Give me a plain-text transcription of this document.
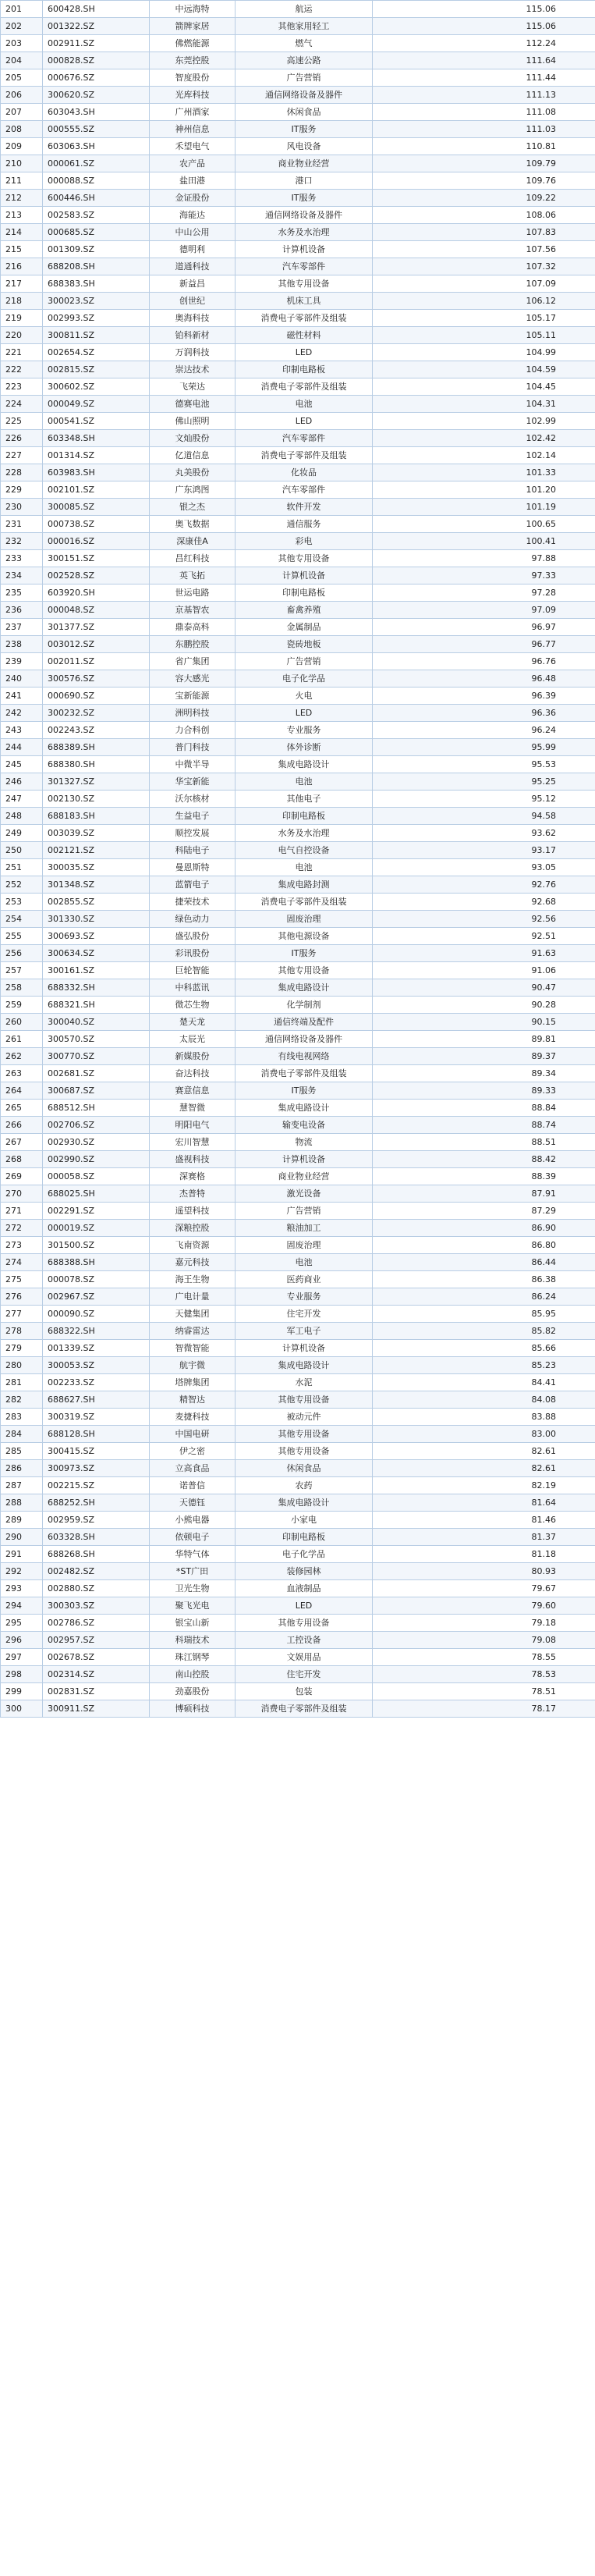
201	600428.SH	中远海特	航运	115.06
202	001322.SZ	箭牌家居	其他家用轻工	115.06
203	002911.SZ	佛燃能源	燃气	112.24
204	000828.SZ	东莞控股	高速公路	111.64
205	000676.SZ	智度股份	广告营销	111.44
206	300620.SZ	光库科技	通信网络设备及器件	111.13
207	603043.SH	广州酒家	休闲食品	111.08
208	000555.SZ	神州信息	IT服务	111.03
209	603063.SH	禾望电气	风电设备	110.81
210	000061.SZ	农产品	商业物业经营	109.79
211	000088.SZ	盐田港	港口	109.76
212	600446.SH	金证股份	IT服务	109.22
213	002583.SZ	海能达	通信网络设备及器件	108.06
214	000685.SZ	中山公用	水务及水治理	107.83
215	001309.SZ	德明利	计算机设备	107.56
216	688208.SH	道通科技	汽车零部件	107.32
217	688383.SH	新益昌	其他专用设备	107.09
218	300023.SZ	创世纪	机床工具	106.12
219	002993.SZ	奥海科技	消费电子零部件及组装	105.17
220	300811.SZ	铂科新材	磁性材料	105.11
221	002654.SZ	万润科技	LED	104.99
222	002815.SZ	崇达技术	印制电路板	104.59
223	300602.SZ	飞荣达	消费电子零部件及组装	104.45
224	000049.SZ	德赛电池	电池	104.31
225	000541.SZ	佛山照明	LED	102.99
226	603348.SH	文灿股份	汽车零部件	102.42
227	001314.SZ	亿道信息	消费电子零部件及组装	102.14
228	603983.SH	丸美股份	化妆品	101.33
229	002101.SZ	广东鸿图	汽车零部件	101.20
230	300085.SZ	银之杰	软件开发	101.19
231	000738.SZ	奥飞数据	通信服务	100.65
232	000016.SZ	深康佳A	彩电	100.41
233	300151.SZ	昌红科技	其他专用设备	97.88
234	002528.SZ	英飞拓	计算机设备	97.33
235	603920.SH	世运电路	印制电路板	97.28
236	000048.SZ	京基智农	畜禽养殖	97.09
237	301377.SZ	鼎泰高科	金属制品	96.97
238	003012.SZ	东鹏控股	瓷砖地板	96.77
239	002011.SZ	省广集团	广告营销	96.76
240	300576.SZ	容大感光	电子化学品	96.48
241	000690.SZ	宝新能源	火电	96.39
242	300232.SZ	洲明科技	LED	96.36
243	002243.SZ	力合科创	专业服务	96.24
244	688389.SH	普门科技	体外诊断	95.99
245	688380.SH	中微半导	集成电路设计	95.53
246	301327.SZ	华宝新能	电池	95.25
247	002130.SZ	沃尔核材	其他电子	95.12
248	688183.SH	生益电子	印制电路板	94.58
249	003039.SZ	顺控发展	水务及水治理	93.62
250	002121.SZ	科陆电子	电气自控设备	93.17
251	300035.SZ	曼恩斯特	电池	93.05
252	301348.SZ	蓝箭电子	集成电路封测	92.76
253	002855.SZ	捷荣技术	消费电子零部件及组装	92.68
254	301330.SZ	绿色动力	固废治理	92.56
255	300693.SZ	盛弘股份	其他电源设备	92.51
256	300634.SZ	彩讯股份	IT服务	91.63
257	300161.SZ	巨轮智能	其他专用设备	91.06
258	688332.SH	中科蓝讯	集成电路设计	90.47
259	688321.SH	微芯生物	化学制剂	90.28
260	300040.SZ	楚天龙	通信终端及配件	90.15
261	300570.SZ	太辰光	通信网络设备及器件	89.81
262	300770.SZ	新媒股份	有线电视网络	89.37
263	002681.SZ	奋达科技	消费电子零部件及组装	89.34
264	300687.SZ	赛意信息	IT服务	89.33
265	688512.SH	慧智微	集成电路设计	88.84
266	002706.SZ	明阳电气	输变电设备	88.74
267	002930.SZ	宏川智慧	物流	88.51
268	002990.SZ	盛视科技	计算机设备	88.42
269	000058.SZ	深赛格	商业物业经营	88.39
270	688025.SH	杰普特	激光设备	87.91
271	002291.SZ	遥望科技	广告营销	87.29
272	000019.SZ	深粮控股	粮油加工	86.90
273	301500.SZ	飞南资源	固废治理	86.80
274	688388.SH	嘉元科技	电池	86.44
275	000078.SZ	海王生物	医药商业	86.38
276	002967.SZ	广电计量	专业服务	86.24
277	000090.SZ	天健集团	住宅开发	85.95
278	688322.SH	纳睿雷达	军工电子	85.82
279	001339.SZ	智微智能	计算机设备	85.66
280	300053.SZ	航宇微	集成电路设计	85.23
281	002233.SZ	塔牌集团	水泥	84.41
282	688627.SH	精智达	其他专用设备	84.08
283	300319.SZ	麦捷科技	被动元件	83.88
284	688128.SH	中国电研	其他专用设备	83.00
285	300415.SZ	伊之密	其他专用设备	82.61
286	300973.SZ	立高食品	休闲食品	82.61
287	002215.SZ	诺普信	农药	82.19
288	688252.SH	天德钰	集成电路设计	81.64
289	002959.SZ	小熊电器	小家电	81.46
290	603328.SH	依顿电子	印制电路板	81.37
291	688268.SH	华特气体	电子化学品	81.18
292	002482.SZ	*ST广田	装修园林	80.93
293	002880.SZ	卫光生物	血液制品	79.67
294	300303.SZ	聚飞光电	LED	79.60
295	002786.SZ	银宝山新	其他专用设备	79.18
296	002957.SZ	科瑞技术	工控设备	79.08
297	002678.SZ	珠江钢琴	文娱用品	78.55
298	002314.SZ	南山控股	住宅开发	78.53
299	002831.SZ	劲嘉股份	包装	78.51
300	300911.SZ	博硕科技	消费电子零部件及组装	78.17
